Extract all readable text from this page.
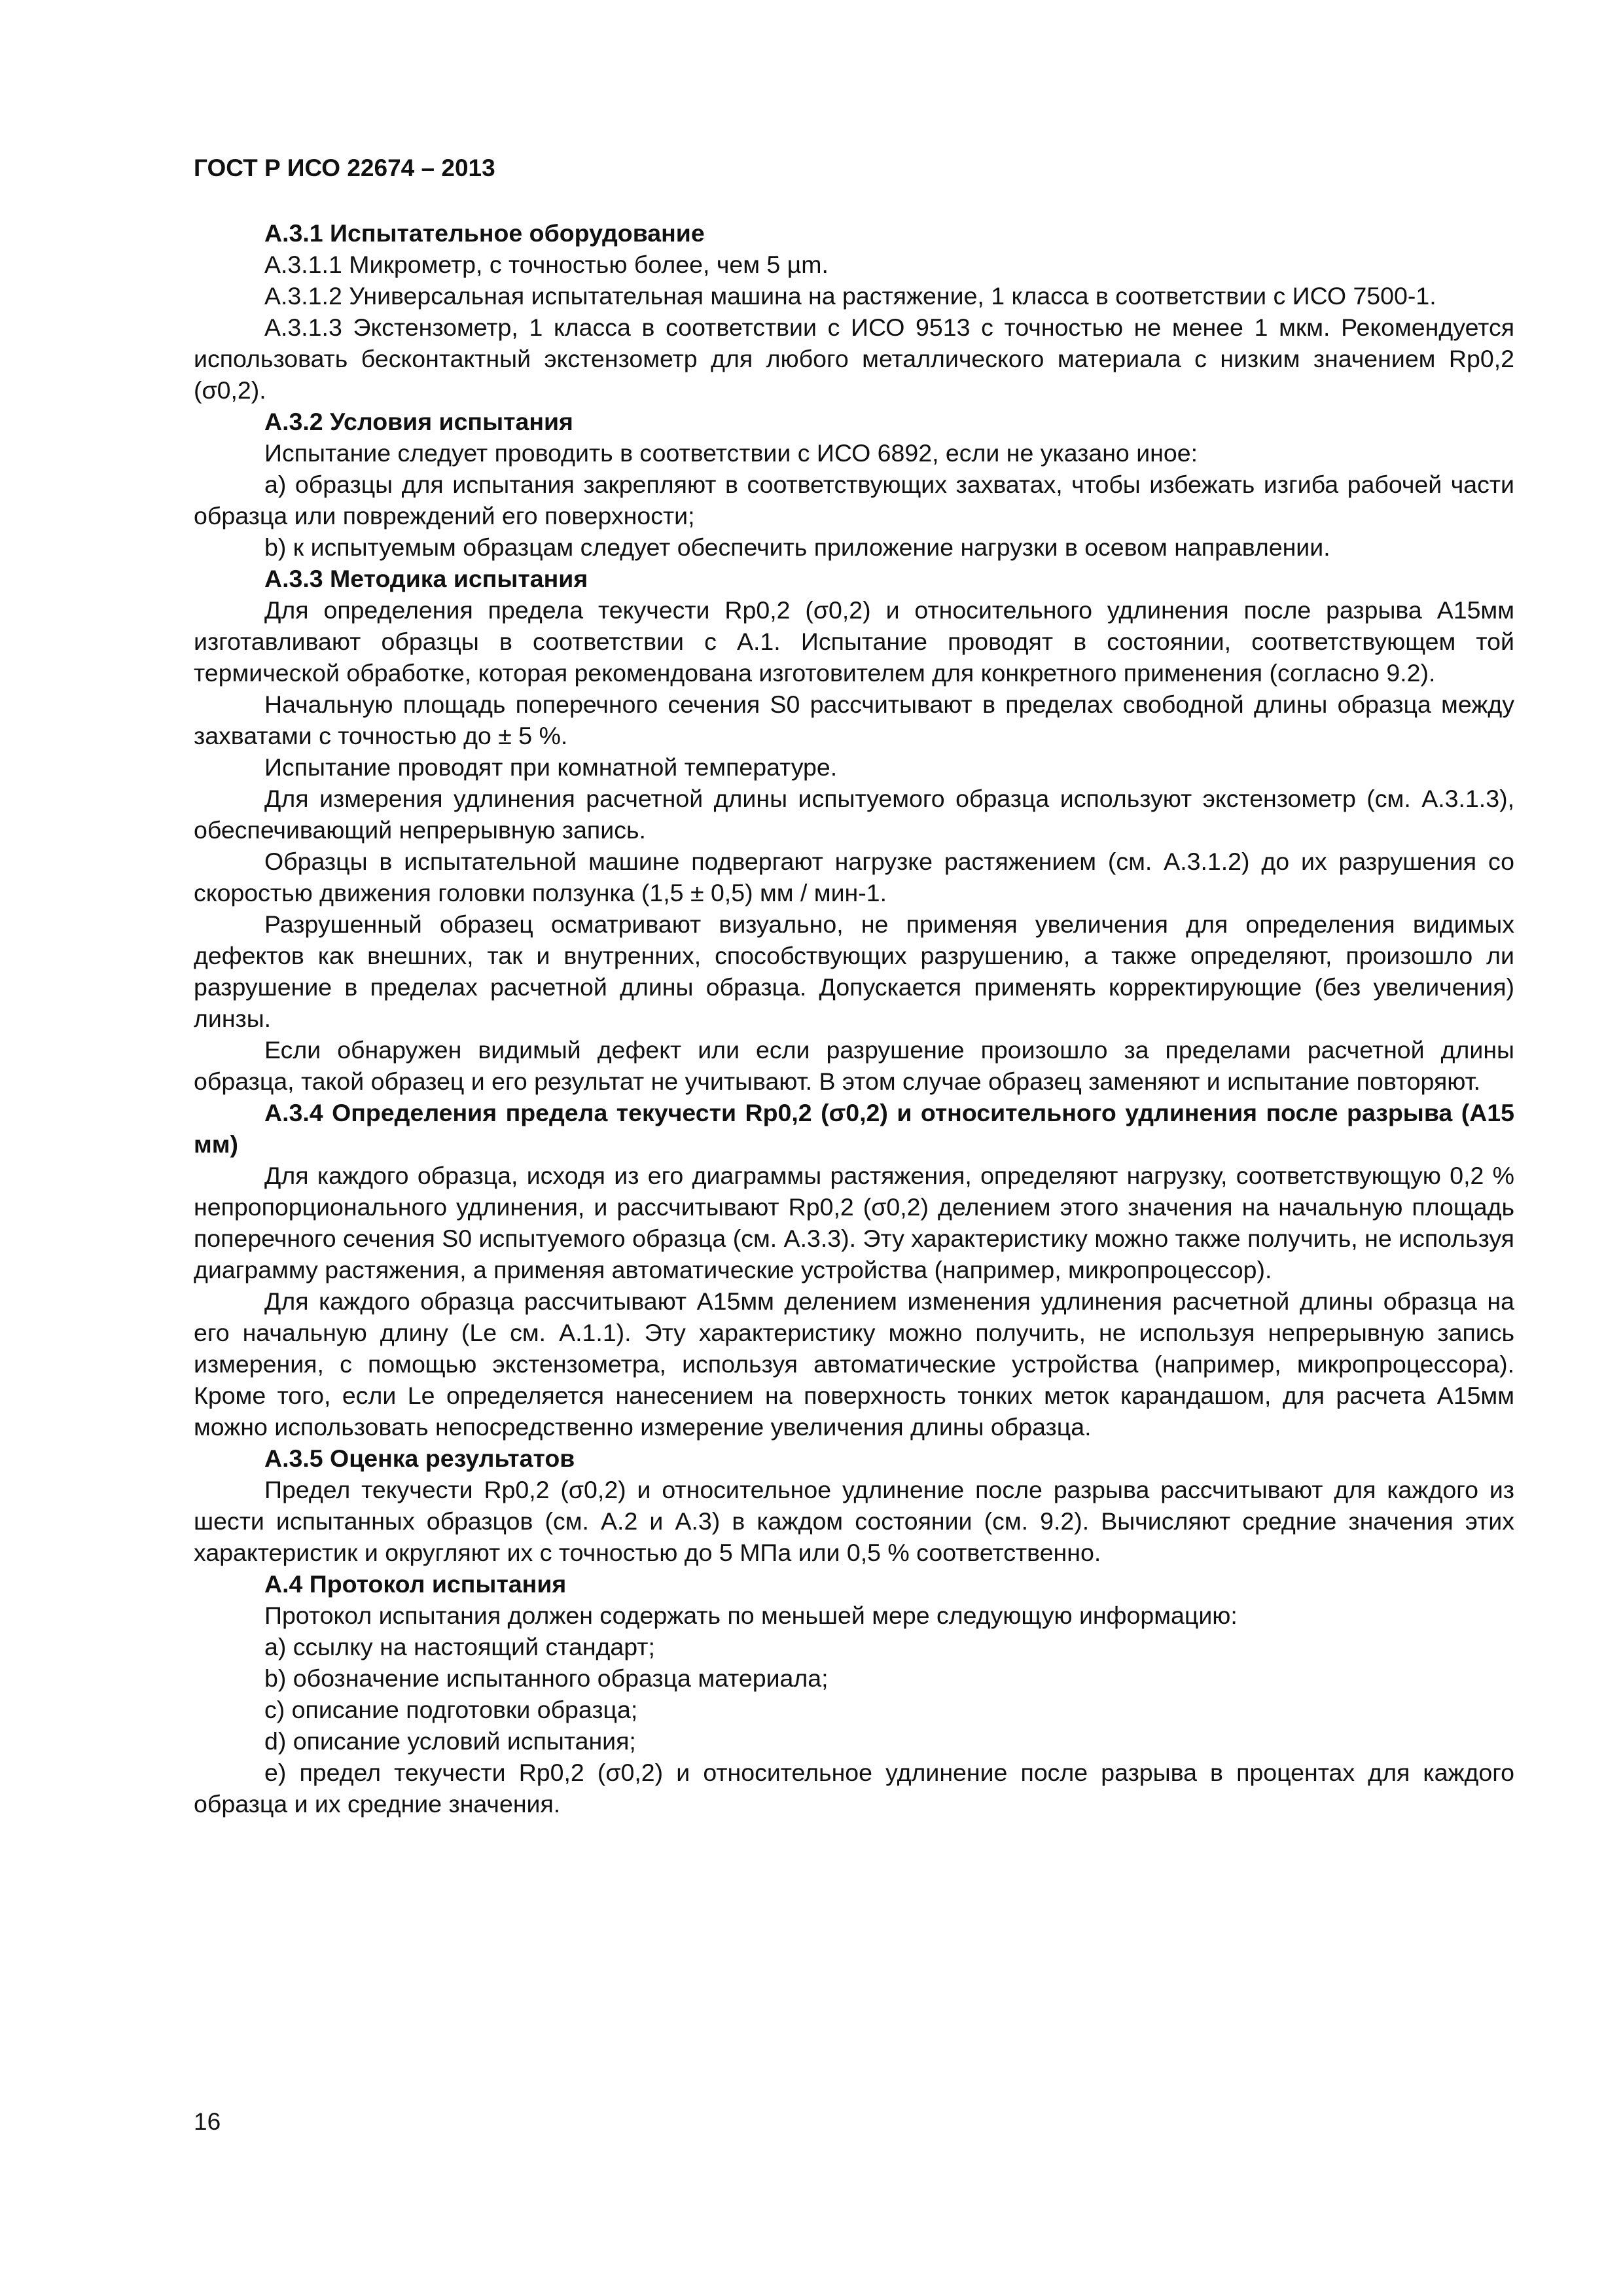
ГОСТ Р ИСО 22674 – 2013

А.3.1 Испытательное оборудование

А.3.1.1 Микрометр, с точностью более, чем 5 µm.

А.3.1.2 Универсальная испытательная машина на растяжение, 1 класса в соответствии с ИСО 7500-1.

А.3.1.3 Экстензометр, 1 класса в соответствии с ИСО 9513 с точностью не менее 1 мкм. Рекомендуется использовать бесконтактный экстензометр для любого металлического материала с низким значением Rp0,2 (σ0,2).

А.3.2 Условия испытания

Испытание следует проводить в соответствии с ИСО 6892, если не указано иное:

a) образцы для испытания закрепляют в соответствующих захватах, чтобы избежать изгиба рабочей части образца или повреждений его поверхности;

b) к испытуемым образцам следует обеспечить приложение нагрузки в осевом направлении.

А.3.3 Методика испытания

Для определения предела текучести Rp0,2 (σ0,2) и относительного удлинения после разрыва А15мм изготавливают образцы в соответствии с А.1. Испытание проводят в состоянии, соответствующем той термической обработке, которая рекомендована изготовителем для конкретного применения (согласно 9.2).

Начальную площадь поперечного сечения S0 рассчитывают в пределах свободной длины образца между захватами с точностью до ± 5 %.

Испытание проводят при комнатной температуре.

Для измерения удлинения расчетной длины испытуемого образца используют экстензометр (см. А.3.1.3), обеспечивающий непрерывную запись.

Образцы в испытательной машине подвергают нагрузке растяжением (см. А.3.1.2) до их разрушения со скоростью движения головки ползунка (1,5 ± 0,5) мм / мин-1.

Разрушенный образец осматривают визуально, не применяя увеличения для определения видимых дефектов как внешних, так и внутренних, способствующих разрушению, а также определяют, произошло ли разрушение в пределах расчетной длины образца. Допускается применять корректирующие (без увеличения) линзы.

Если обнаружен видимый дефект или если разрушение произошло за пределами расчетной длины образца, такой образец и его результат не учитывают. В этом случае образец заменяют и испытание повторяют.

А.3.4 Определения предела текучести Rp0,2 (σ0,2) и относительного удлинения после разрыва (А15 мм)

Для каждого образца, исходя из его диаграммы растяжения, определяют нагрузку, соответствующую 0,2 % непропорционального удлинения, и рассчитывают Rp0,2 (σ0,2) делением этого значения на начальную площадь поперечного сечения S0 испытуемого образца (см. А.3.3). Эту характеристику можно также получить, не используя диаграмму растяжения, а применяя автоматические устройства (например, микропроцессор).

Для каждого образца рассчитывают А15мм делением изменения удлинения расчетной длины образца на его начальную длину (Le см. А.1.1). Эту характеристику можно получить, не используя непрерывную запись измерения, с помощью экстензометра, используя автоматические устройства (например, микропроцессора). Кроме того, если Le определяется нанесением на поверхность тонких меток карандашом, для расчета А15мм можно использовать непосредственно измерение увеличения длины образца.

А.3.5 Оценка результатов

Предел текучести Rp0,2 (σ0,2) и относительное удлинение после разрыва рассчитывают для каждого из шести испытанных образцов (см. А.2 и А.3) в каждом состоянии (см. 9.2). Вычисляют средние значения этих характеристик и округляют их с точностью до 5 МПа или 0,5 % соответственно.

А.4 Протокол испытания

Протокол испытания должен содержать по меньшей мере следующую информацию:

a) ссылку на настоящий стандарт;

b) обозначение испытанного образца материала;

c) описание подготовки образца;

d) описание условий испытания;

e) предел текучести Rp0,2 (σ0,2) и относительное удлинение после разрыва в процентах для каждого образца и их средние значения.

16
